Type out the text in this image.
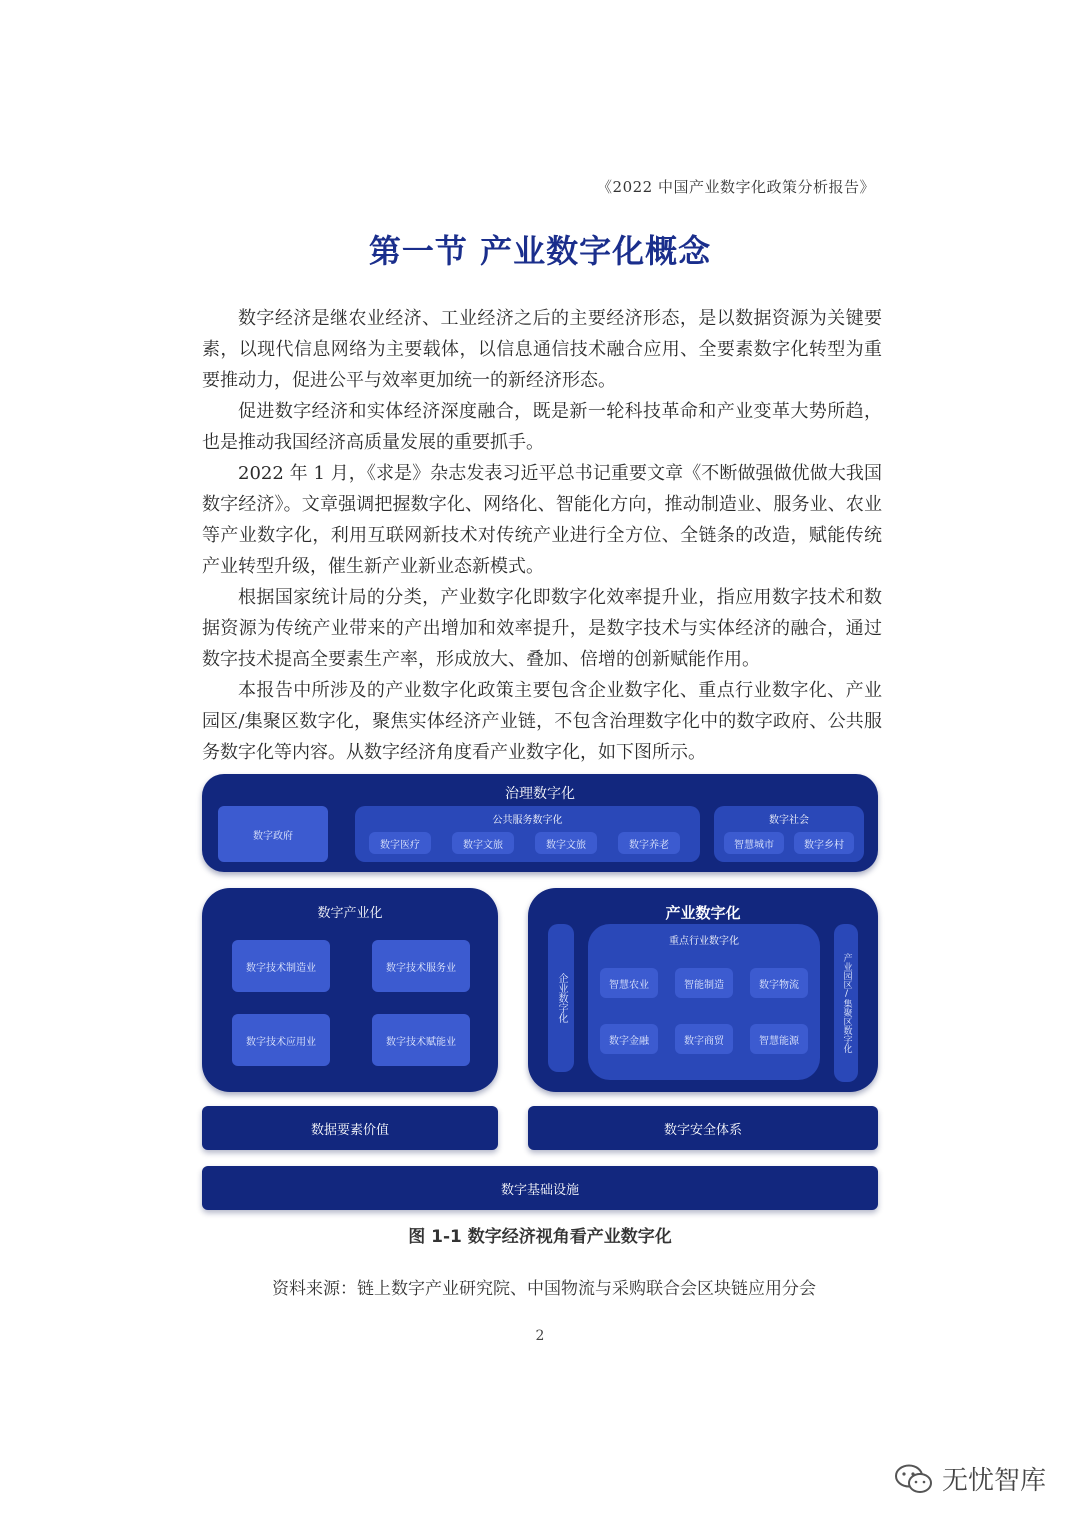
《2022 中国产业数字化政策分析报告》
第一节 产业数字化概念

数字经济是继农业经济、工业经济之后的主要经济形态，是以数据资源为关键要素，以现代信息网络为主要载体，以信息通信技术融合应用、全要素数字化转型为重要推动力，促进公平与效率更加统一的新经济形态。

促进数字经济和实体经济深度融合，既是新一轮科技革命和产业变革大势所趋，也是推动我国经济高质量发展的重要抓手。

2022 年 1 月，《求是》杂志发表习近平总书记重要文章《不断做强做优做大我国数字经济》。文章强调把握数字化、网络化、智能化方向，推动制造业、服务业、农业等产业数字化，利用互联网新技术对传统产业进行全方位、全链条的改造，赋能传统产业转型升级，催生新产业新业态新模式。

根据国家统计局的分类，产业数字化即数字化效率提升业，指应用数字技术和数据资源为传统产业带来的产出增加和效率提升，是数字技术与实体经济的融合，通过数字技术提高全要素生产率，形成放大、叠加、倍增的创新赋能作用。

本报告中所涉及的产业数字化政策主要包含企业数字化、重点行业数字化、产业园区/集聚区数字化，聚焦实体经济产业链，不包含治理数字化中的数字政府、公共服务数字化等内容。从数字经济角度看产业数字化，如下图所示。

治理数字化
数字政府
公共服务数字化
数字医疗	数字文旅	数字文旅	数字养老
数字社会
智慧城市	数字乡村
数字产业化
数字技术制造业	数字技术服务业
数字技术应用业	数字技术赋能业
产业数字化
企业数字化
重点行业数字化
智慧农业	智能制造	数字物流
数字金融	数字商贸	智慧能源	产业园区/集聚区数字化
数据要素价值	数字安全体系
数字基础设施
图 1-1 数字经济视角看产业数字化
资料来源：链上数字产业研究院、中国物流与采购联合会区块链应用分会
2
无忧智库
